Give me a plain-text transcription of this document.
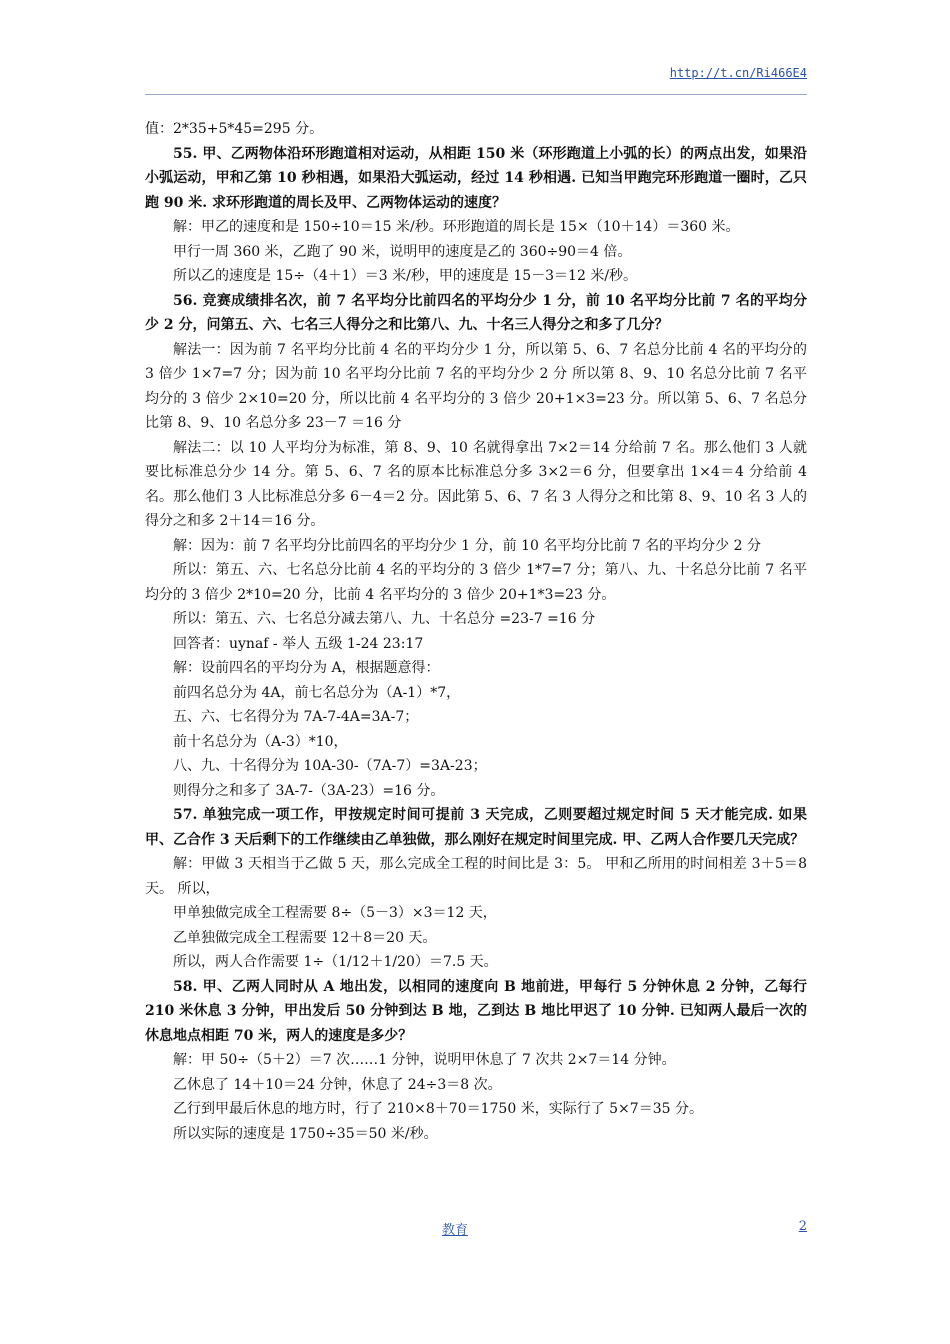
http://t.cn/Ri466E4

值：2*35+5*45=295 分。

55. 甲、乙两物体沿环形跑道相对运动，从相距 150 米（环形跑道上小弧的长）的两点出发，如果沿小弧运动，甲和乙第 10 秒相遇，如果沿大弧运动，经过 14 秒相遇. 已知当甲跑完环形跑道一圈时，乙只跑 90 米. 求环形跑道的周长及甲、乙两物体运动的速度？

解：甲乙的速度和是 150÷10＝15 米/秒。环形跑道的周长是 15×（10＋14）＝360 米。

甲行一周 360 米，乙跑了 90 米，说明甲的速度是乙的 360÷90＝4 倍。

所以乙的速度是 15÷（4＋1）＝3 米/秒，甲的速度是 15－3＝12 米/秒。

56. 竞赛成绩排名次，前 7 名平均分比前四名的平均分少 1 分，前 10 名平均分比前 7 名的平均分少 2 分，问第五、六、七名三人得分之和比第八、九、十名三人得分之和多了几分？

解法一：因为前 7 名平均分比前 4 名的平均分少 1 分，所以第 5、6、7 名总分比前 4 名的平均分的 3 倍少 1×7=7 分；因为前 10 名平均分比前 7 名的平均分少 2 分 所以第 8、9、10 名总分比前 7 名平均分的 3 倍少 2×10=20 分，所以比前 4 名平均分的 3 倍少 20+1×3=23 分。所以第 5、6、7 名总分比第 8、9、10 名总分多 23－7 ＝16 分

解法二：以 10 人平均分为标准，第 8、9、10 名就得拿出 7×2＝14 分给前 7 名。那么他们 3 人就要比标准总分少 14 分。第 5、6、7 名的原本比标准总分多 3×2＝6 分，但要拿出 1×4＝4 分给前 4 名。那么他们 3 人比标准总分多 6－4＝2 分。因此第 5、6、7 名 3 人得分之和比第 8、9、10 名 3 人的得分之和多 2＋14＝16 分。

解：因为：前 7 名平均分比前四名的平均分少 1 分，前 10 名平均分比前 7 名的平均分少 2 分

所以：第五、六、七名总分比前 4 名的平均分的 3 倍少 1*7=7 分；第八、九、十名总分比前 7 名平均分的 3 倍少 2*10=20 分，比前 4 名平均分的 3 倍少 20+1*3=23 分。

所以：第五、六、七名总分减去第八、九、十名总分 =23-7 =16 分

回答者：uynaf - 举人 五级 1-24 23:17

解：设前四名的平均分为 A，根据题意得：

前四名总分为 4A，前七名总分为（A-1）*7，

五、六、七名得分为 7A-7-4A=3A-7；

前十名总分为（A-3）*10，

八、九、十名得分为 10A-30-（7A-7）=3A-23；

则得分之和多了 3A-7-（3A-23）=16 分。

57. 单独完成一项工作，甲按规定时间可提前 3 天完成，乙则要超过规定时间 5 天才能完成. 如果甲、乙合作 3 天后剩下的工作继续由乙单独做，那么刚好在规定时间里完成. 甲、乙两人合作要几天完成？

解：甲做 3 天相当于乙做 5 天，那么完成全工程的时间比是 3：5。 甲和乙所用的时间相差 3＋5＝8 天。 所以，

甲单独做完成全工程需要 8÷（5－3）×3＝12 天，

乙单独做完成全工程需要 12＋8＝20 天。

所以，两人合作需要 1÷（1/12＋1/20）＝7.5 天。

58. 甲、乙两人同时从 A 地出发，以相同的速度向 B 地前进，甲每行 5 分钟休息 2 分钟，乙每行 210 米休息 3 分钟，甲出发后 50 分钟到达 B 地，乙到达 B 地比甲迟了 10 分钟. 已知两人最后一次的休息地点相距 70 米，两人的速度是多少？

解：甲 50÷（5＋2）＝7 次……1 分钟，说明甲休息了 7 次共 2×7＝14 分钟。

乙休息了 14＋10＝24 分钟，休息了 24÷3＝8 次。

乙行到甲最后休息的地方时，行了 210×8＋70＝1750 米，实际行了 5×7＝35 分。

所以实际的速度是 1750÷35＝50 米/秒。

教育	2
